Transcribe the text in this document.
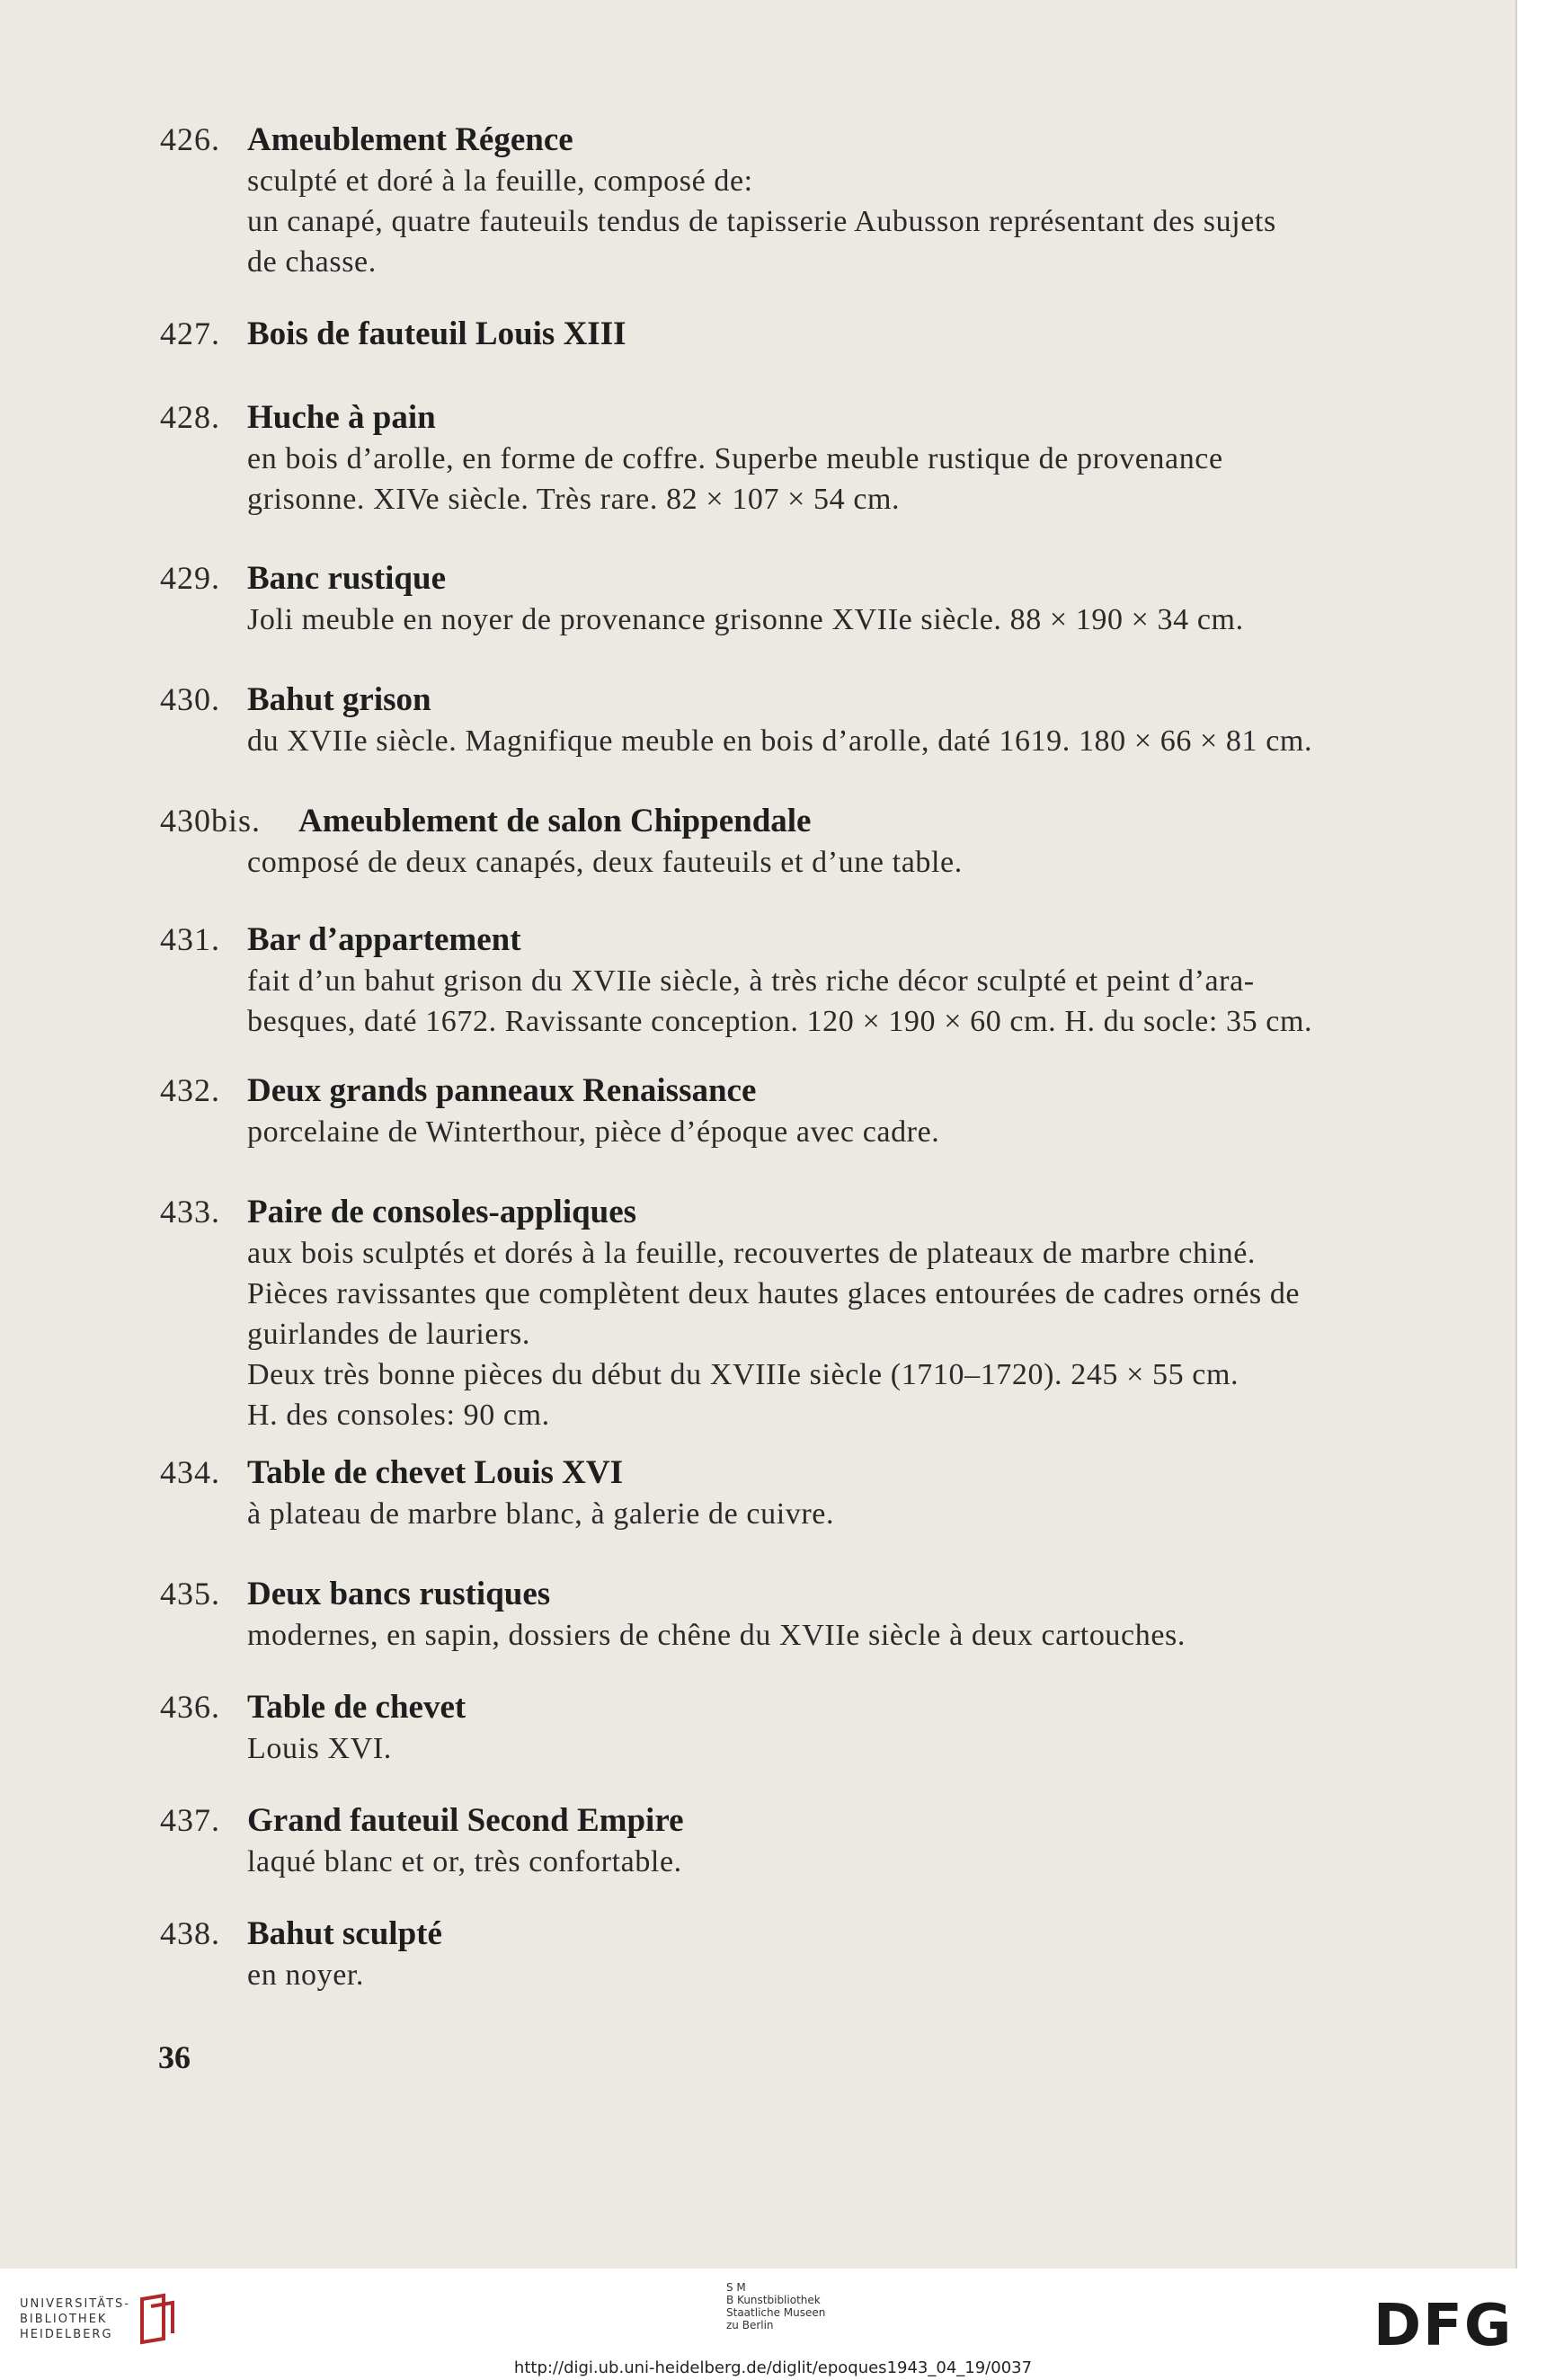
426. Ameublement Régence
sculpté et doré à la feuille, composé de:
un canapé, quatre fauteuils tendus de tapisserie Aubusson représentant des sujets
de chasse.
427. Bois de fauteuil Louis XIII
428. Huche à pain
en bois d’arolle, en forme de coffre. Superbe meuble rustique de provenance
grisonne. XIVe siècle. Très rare. 82 × 107 × 54 cm.
429. Banc rustique
Joli meuble en noyer de provenance grisonne XVIIe siècle. 88 × 190 × 34 cm.
430. Bahut grison
du XVIIe siècle. Magnifique meuble en bois d’arolle, daté 1619. 180 × 66 × 81 cm.
430bis. Ameublement de salon Chippendale
composé de deux canapés, deux fauteuils et d’une table.
431. Bar d’appartement
fait d’un bahut grison du XVIIe siècle, à très riche décor sculpté et peint d’ara-
besques, daté 1672. Ravissante conception. 120 × 190 × 60 cm. H. du socle: 35 cm.
432. Deux grands panneaux Renaissance
porcelaine de Winterthour, pièce d’époque avec cadre.
433. Paire de consoles-appliques
aux bois sculptés et dorés à la feuille, recouvertes de plateaux de marbre chiné.
Pièces ravissantes que complètent deux hautes glaces entourées de cadres ornés de
guirlandes de lauriers.
Deux très bonne pièces du début du XVIIIe siècle (1710–1720). 245 × 55 cm.
H. des consoles: 90 cm.
434. Table de chevet Louis XVI
à plateau de marbre blanc, à galerie de cuivre.
435. Deux bancs rustiques
modernes, en sapin, dossiers de chêne du XVIIe siècle à deux cartouches.
436. Table de chevet
Louis XVI.
437. Grand fauteuil Second Empire
laqué blanc et or, très confortable.
438. Bahut sculpté
en noyer.
36
UNIVERSITÄTS-
BIBLIOTHEK
HEIDELBERG
S M
B Kunstbibliothek
Staatliche Museen
zu Berlin	DFG
http://digi.ub.uni-heidelberg.de/diglit/epoques1943_04_19/0037
